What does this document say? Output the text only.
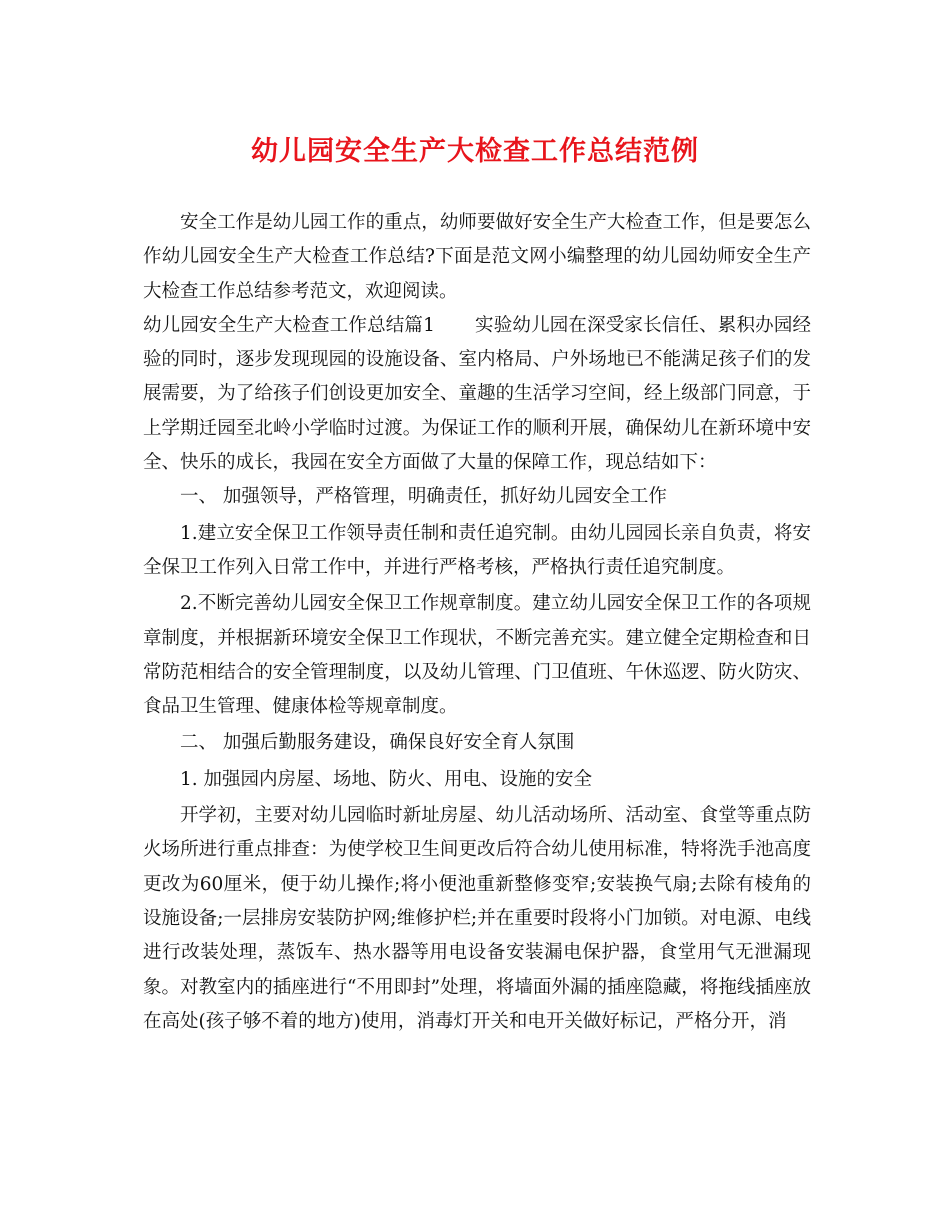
幼儿园安全生产大检查工作总结范例

安全工作是幼儿园工作的重点，幼师要做好安全生产大检查工作，但是要怎么作幼儿园安全生产大检查工作总结?下面是范文网小编整理的幼儿园幼师安全生产大检查工作总结参考范文，欢迎阅读。

幼儿园安全生产大检查工作总结篇1 实验幼儿园在深受家长信任、累积办园经验的同时，逐步发现现园的设施设备、室内格局、户外场地已不能满足孩子们的发展需要，为了给孩子们创设更加安全、童趣的生活学习空间，经上级部门同意，于上学期迁园至北岭小学临时过渡。为保证工作的顺利开展，确保幼儿在新环境中安全、快乐的成长，我园在安全方面做了大量的保障工作，现总结如下：

一、 加强领导，严格管理，明确责任，抓好幼儿园安全工作

1.建立安全保卫工作领导责任制和责任追究制。由幼儿园园长亲自负责，将安全保卫工作列入日常工作中，并进行严格考核，严格执行责任追究制度。

2.不断完善幼儿园安全保卫工作规章制度。建立幼儿园安全保卫工作的各项规章制度，并根据新环境安全保卫工作现状，不断完善充实。建立健全定期检查和日常防范相结合的安全管理制度，以及幼儿管理、门卫值班、午休巡逻、防火防灾、食品卫生管理、健康体检等规章制度。

二、 加强后勤服务建设，确保良好安全育人氛围

1. 加强园内房屋、场地、防火、用电、设施的安全

开学初，主要对幼儿园临时新址房屋、幼儿活动场所、活动室、食堂等重点防火场所进行重点排查：为使学校卫生间更改后符合幼儿使用标准，特将洗手池高度更改为60厘米，便于幼儿操作;将小便池重新整修变窄;安装换气扇;去除有棱角的设施设备;一层排房安装防护网;维修护栏;并在重要时段将小门加锁。对电源、电线进行改装处理，蒸饭车、热水器等用电设备安装漏电保护器，食堂用气无泄漏现象。对教室内的插座进行“不用即封”处理，将墙面外漏的插座隐藏，将拖线插座放在高处(孩子够不着的地方)使用，消毒灯开关和电开关做好标记，严格分开，消
